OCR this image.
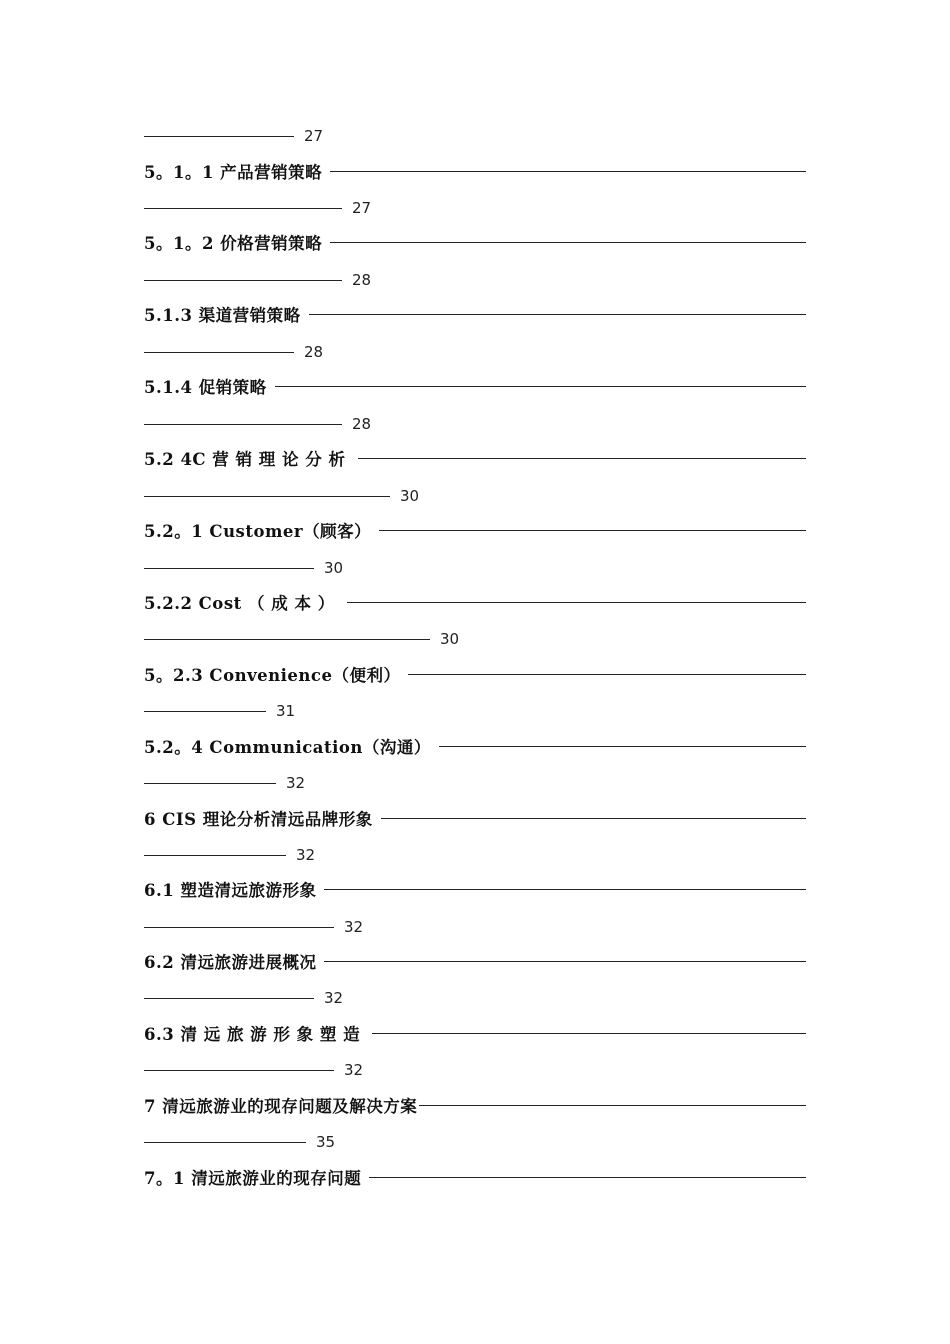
27
5。1。1 产品营销策略
27
5。1。2 价格营销策略
28
5.1.3 渠道营销策略
28
5.1.4 促销策略
28
5.2 4C 营 销 理 论 分 析
30
5.2。1 Customer（顾客）
30
5.2.2 Cost （ 成 本 ）
30
5。2.3 Convenience（便利）
31
5.2。4 Communication（沟通）
32
6 CIS 理论分析清远品牌形象
32
6.1 塑造清远旅游形象
32
6.2 清远旅游进展概况
32
6.3 清 远 旅 游 形 象 塑 造
32
7 清远旅游业的现存问题及解决方案
35
7。1 清远旅游业的现存问题
